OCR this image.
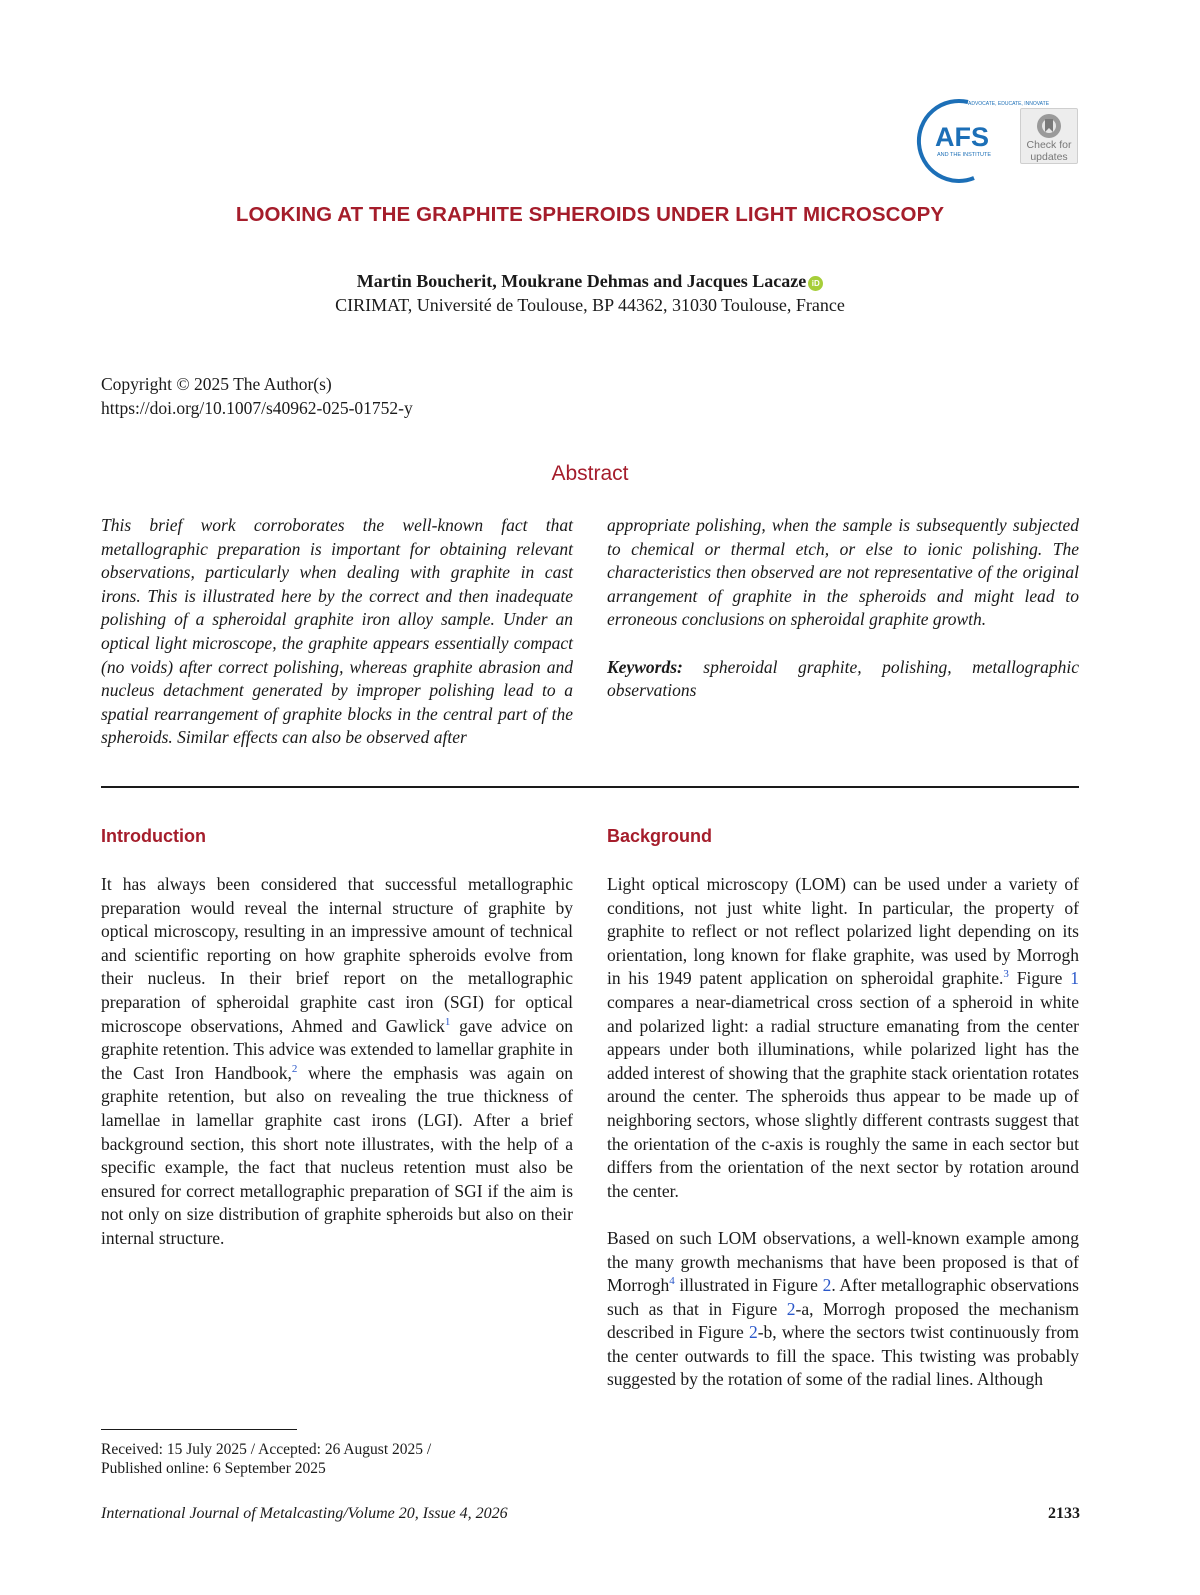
ADVOCATE, EDUCATE, INNOVATE
AFS
AND THE INSTITUTE
Check for
updates
LOOKING AT THE GRAPHITE SPHEROIDS UNDER LIGHT MICROSCOPY
Martin Boucherit, Moukrane Dehmas and Jacques Lacaze iD
CIRIMAT, Université de Toulouse, BP 44362, 31030 Toulouse, France
Copyright © 2025 The Author(s)
https://doi.org/10.1007/s40962-025-01752-y
Abstract
This brief work corroborates the well-known fact that metallographic preparation is important for obtaining relevant observations, particularly when dealing with graphite in cast irons. This is illustrated here by the correct and then inadequate polishing of a spheroidal graphite iron alloy sample. Under an optical light microscope, the graphite appears essentially compact (no voids) after correct polishing, whereas graphite abrasion and nucleus detachment generated by improper polishing lead to a spatial rearrangement of graphite blocks in the central part of the spheroids. Similar effects can also be observed after
appropriate polishing, when the sample is subsequently subjected to chemical or thermal etch, or else to ionic polishing. The characteristics then observed are not representative of the original arrangement of graphite in the spheroids and might lead to erroneous conclusions on spheroidal graphite growth.
Keywords: spheroidal graphite, polishing, metallographic observations
Introduction	Background
It has always been considered that successful metallographic preparation would reveal the internal structure of graphite by optical microscopy, resulting in an impressive amount of technical and scientific reporting on how graphite spheroids evolve from their nucleus. In their brief report on the metallographic preparation of spheroidal graphite cast iron (SGI) for optical microscope observations, Ahmed and Gawlick$^1$ gave advice on graphite retention. This advice was extended to lamellar graphite in the Cast Iron Handbook,$^2$ where the emphasis was again on graphite retention, but also on revealing the true thickness of lamellae in lamellar graphite cast irons (LGI). After a brief background section, this short note illustrates, with the help of a specific example, the fact that nucleus retention must also be ensured for correct metallographic preparation of SGI if the aim is not only on size distribution of graphite spheroids but also on their internal structure.
Light optical microscopy (LOM) can be used under a variety of conditions, not just white light. In particular, the property of graphite to reflect or not reflect polarized light depending on its orientation, long known for flake graphite, was used by Morrogh in his 1949 patent application on spheroidal graphite.$^3$ Figure 1 compares a near-diametrical cross section of a spheroid in white and polarized light: a radial structure emanating from the center appears under both illuminations, while polarized light has the added interest of showing that the graphite stack orientation rotates around the center. The spheroids thus appear to be made up of neighboring sectors, whose slightly different contrasts suggest that the orientation of the c-axis is roughly the same in each sector but differs from the orientation of the next sector by rotation around the center.
Based on such LOM observations, a well-known example among the many growth mechanisms that have been proposed is that of Morrogh$^4$ illustrated in Figure 2. After metallographic observations such as that in Figure 2-a, Morrogh proposed the mechanism described in Figure 2-b, where the sectors twist continuously from the center outwards to fill the space. This twisting was probably suggested by the rotation of some of the radial lines. Although
Received: 15 July 2025 / Accepted: 26 August 2025 /
Published online: 6 September 2025
International Journal of Metalcasting/Volume 20, Issue 4, 2026	2133
